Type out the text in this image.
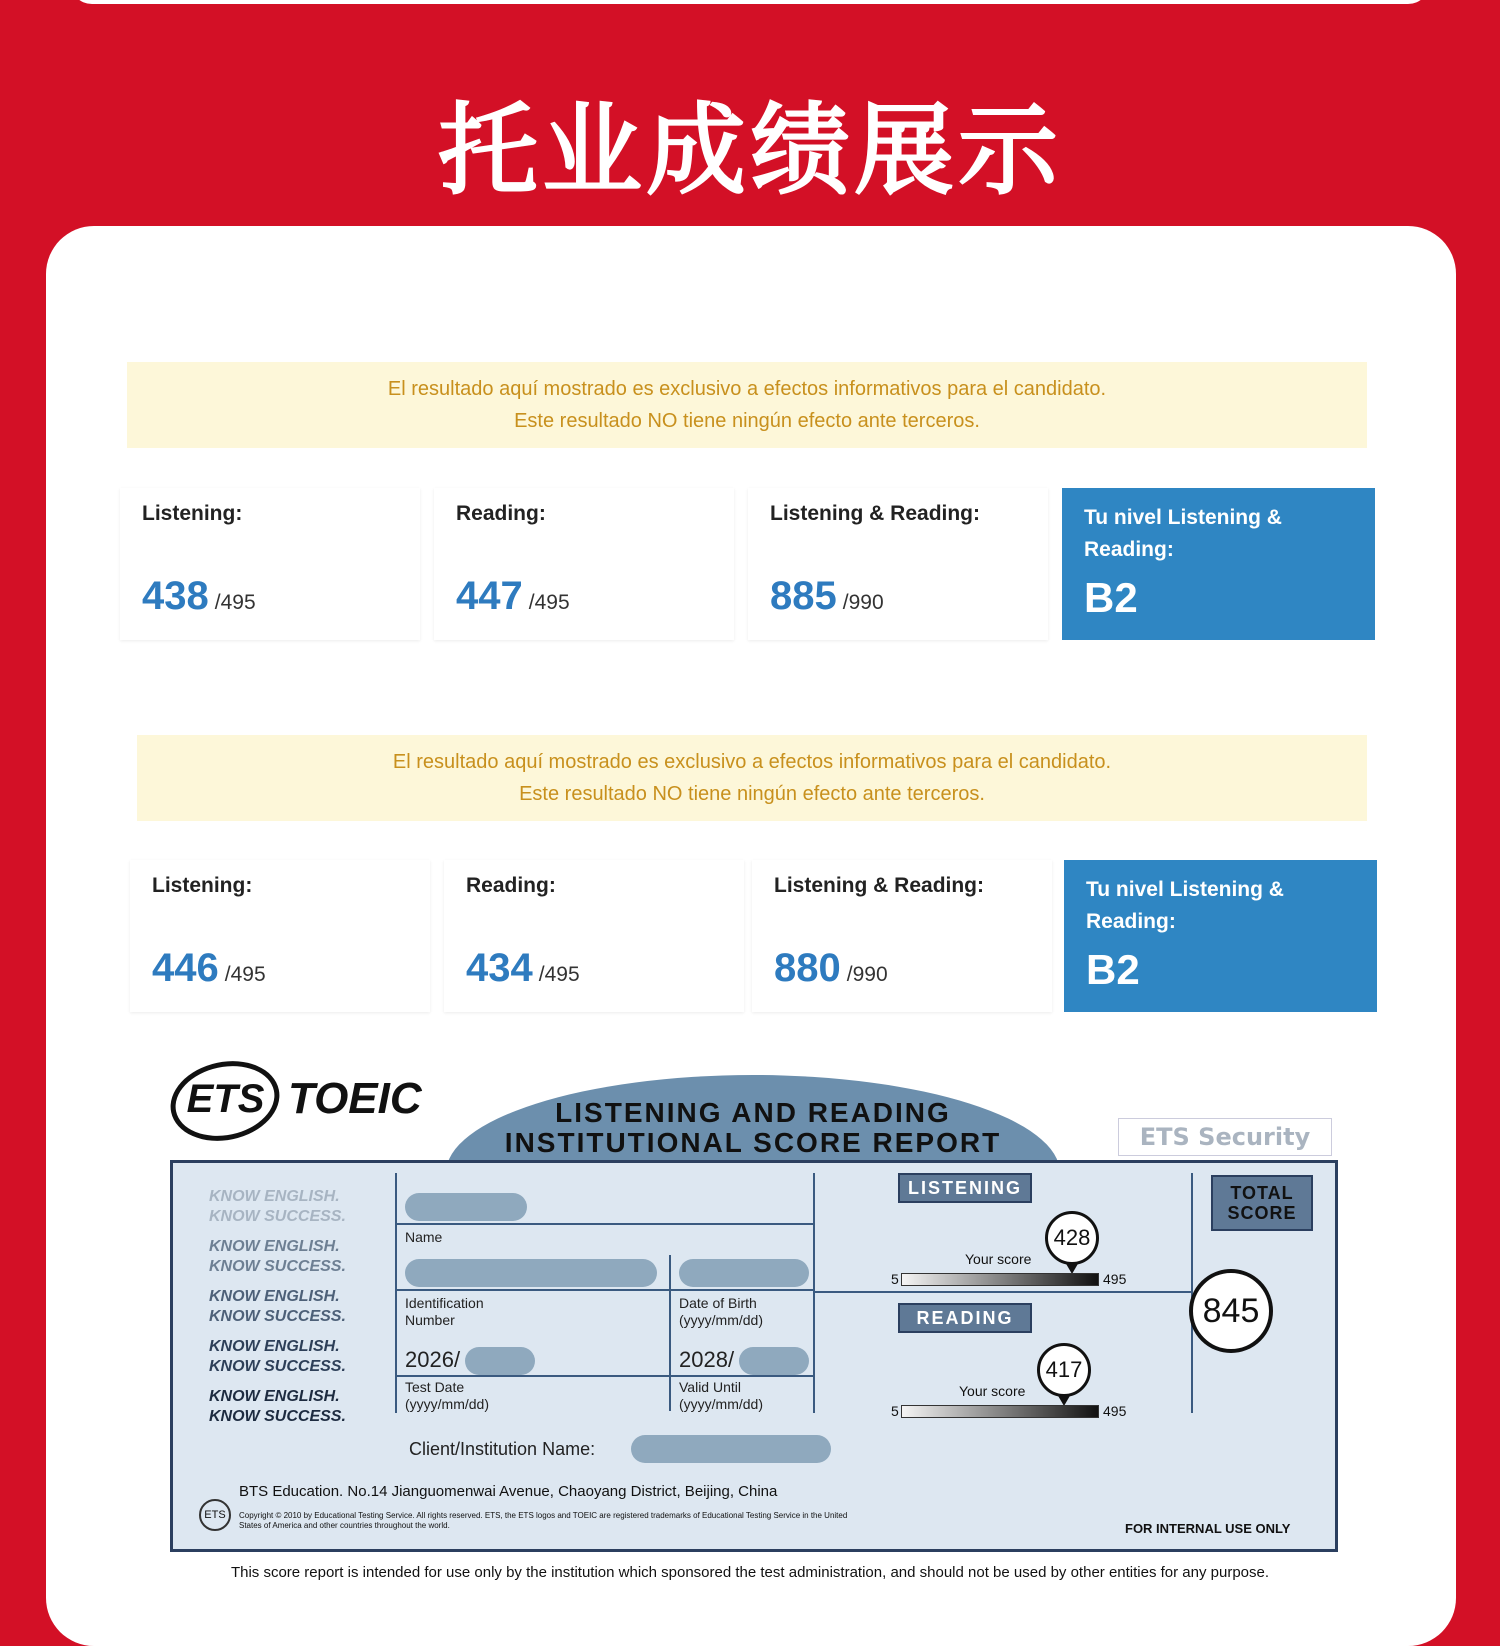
托业成绩展示
El resultado aquí mostrado es exclusivo a efectos informativos para el candidato.
Este resultado NO tiene ningún efecto ante terceros.
Listening:
438 /495
Reading:
447 /495
Listening & Reading:
885 /990
Tu nivel Listening & Reading:
B2
El resultado aquí mostrado es exclusivo a efectos informativos para el candidato.
Este resultado NO tiene ningún efecto ante terceros.
Listening:
446 /495
Reading:
434 /495
Listening & Reading:
880 /990
Tu nivel Listening & Reading:
B2
ETS TOEIC	LISTENING AND READING
INSTITUTIONAL SCORE REPORT	ETS Security
KNOW ENGLISH.
KNOW SUCCESS.
KNOW ENGLISH.
KNOW SUCCESS.
KNOW ENGLISH.
KNOW SUCCESS.
KNOW ENGLISH.
KNOW SUCCESS.
KNOW ENGLISH.
KNOW SUCCESS.
Name
Identification Number
Date of Birth (yyyy/mm/dd)
2026/	2028/
Test Date (yyyy/mm/dd)
Valid Until (yyyy/mm/dd)
Client/Institution Name:
LISTENING
Your score
428
5	495
READING
Your score
417
5	495
TOTAL SCORE
845
BTS Education. No.14 Jianguomenwai Avenue, Chaoyang District, Beijing, China
ETS	Copyright © 2010 by Educational Testing Service. All rights reserved. ETS, the ETS logos and TOEIC are registered trademarks of Educational Testing Service in the United States of America and other countries throughout the world.	FOR INTERNAL USE ONLY
This score report is intended for use only by the institution which sponsored the test administration, and should not be used by other entities for any purpose.
